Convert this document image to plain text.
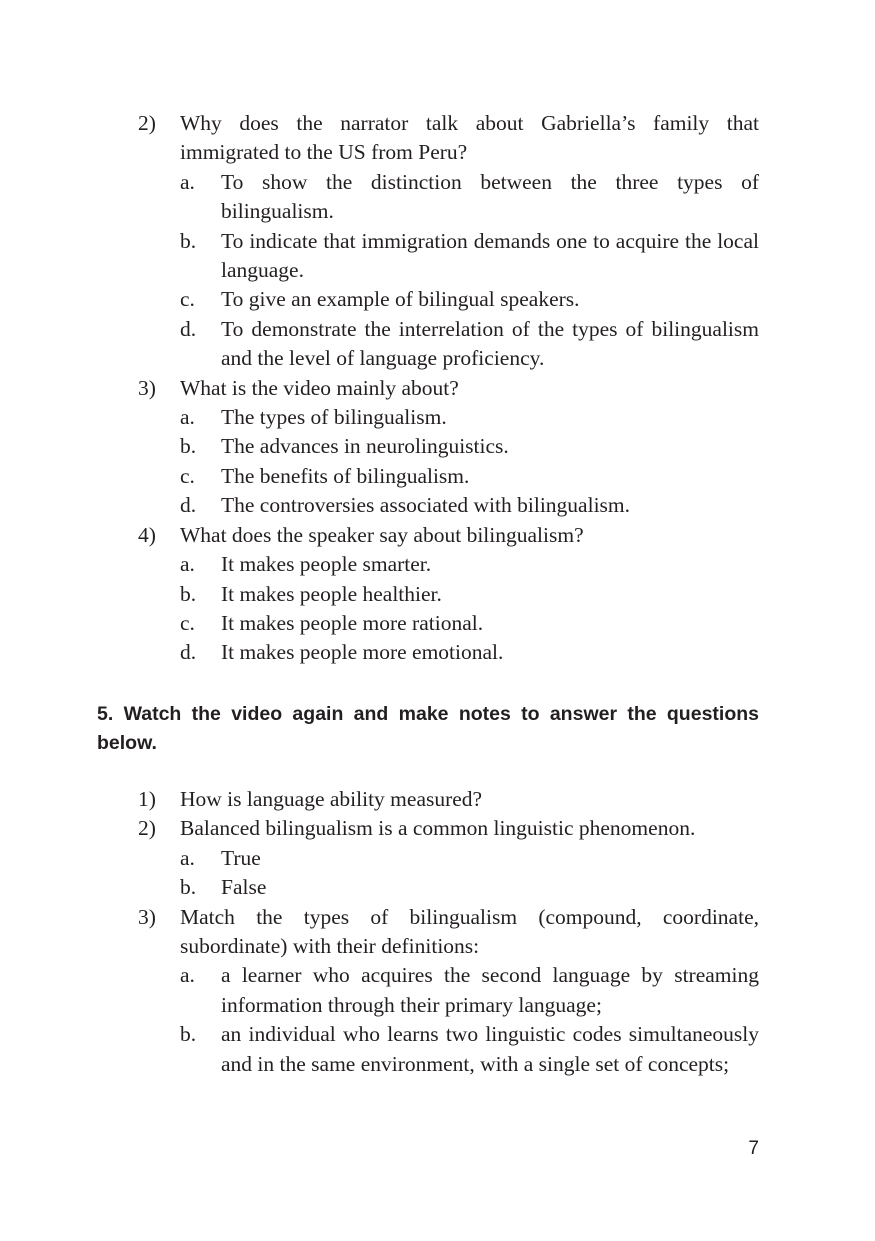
2)	Why does the narrator talk about Gabriella’s family that immigrated to the US from Peru?
a.	To show the distinction between the three types of bilingualism.
b.	To indicate that immigration demands one to acquire the local language.
c.	To give an example of bilingual speakers.
d.	To demonstrate the interrelation of the types of bilingualism and the level of language proficiency.
3)	What is the video mainly about?
a.	The types of bilingualism.
b.	The advances in neurolinguistics.
c.	The benefits of bilingualism.
d.	The controversies associated with bilingualism.
4)	What does the speaker say about bilingualism?
a.	It makes people smarter.
b.	It makes people healthier.
c.	It makes people more rational.
d.	It makes people more emotional.
5. Watch the video again and make notes to answer the questions below.
1)	How is language ability measured?
2)	Balanced bilingualism is a common linguistic phenomenon.
a.	True
b.	False
3)	Match the types of bilingualism (compound, coordinate, subordinate) with their definitions:
a.	a learner who acquires the second language by streaming information through their primary language;
b.	an individual who learns two linguistic codes simultaneously and in the same environment, with a single set of concepts;
7
